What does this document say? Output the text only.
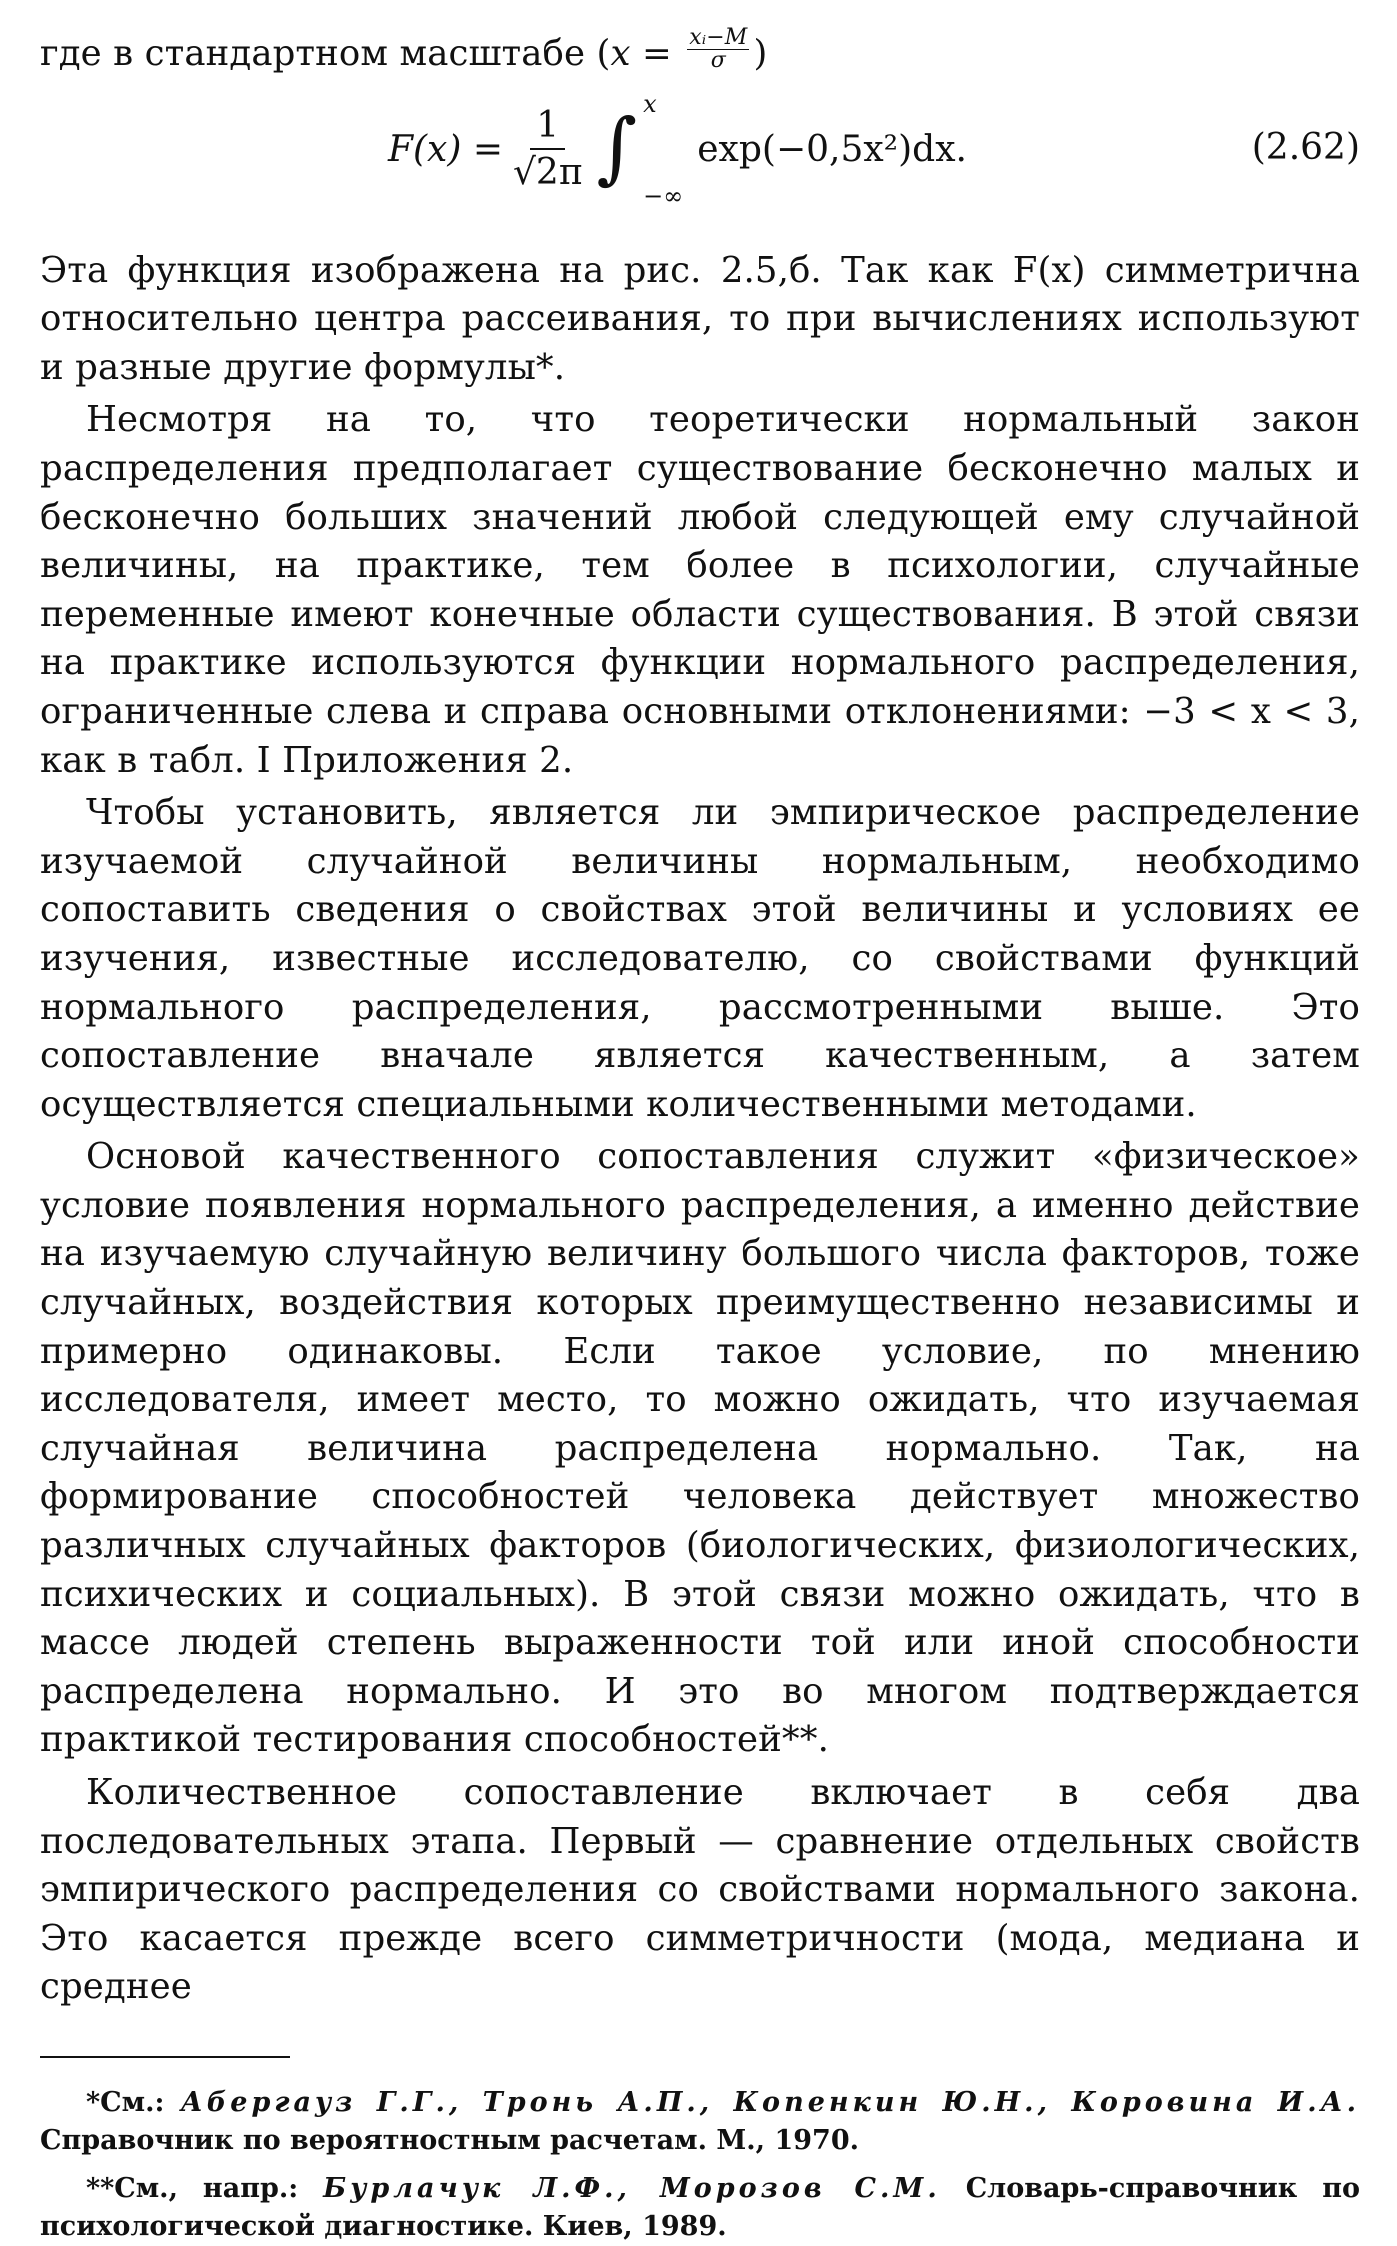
где в стандартном масштабе ($x = \frac{\text{xᵢ−M}}{\sigma}$ )

$F(x) = \frac{1}{√2\pi}$ ∫ x
−∞
exp(−0,5x²)dx.	(2.62)

Эта функция изображена на рис. 2.5,б. Так как F(x) симметрична относительно центра рассеивания, то при вычислениях используют и разные другие формулы*.

Несмотря на то, что теоретически нормальный закон распределения предполагает существование бесконечно малых и бесконечно больших значений любой следующей ему случайной величины, на практике, тем более в психологии, случайные переменные имеют конечные области существования. В этой связи на практике используются функции нормального распределения, ограниченные слева и справа основными отклонениями: −3 < x < 3, как в табл. I Приложения 2.

Чтобы установить, является ли эмпирическое распределение изучаемой случайной величины нормальным, необходимо сопоставить сведения о свойствах этой величины и условиях ее изучения, известные исследователю, со свойствами функций нормального распределения, рассмотренными выше. Это сопоставление вначале является качественным, а затем осуществляется специальными количественными методами.

Основой качественного сопоставления служит «физическое» условие появления нормального распределения, а именно действие на изучаемую случайную величину большого числа факторов, тоже случайных, воздействия которых преимущественно независимы и примерно одинаковы. Если такое условие, по мнению исследователя, имеет место, то можно ожидать, что изучаемая случайная величина распределена нормально. Так, на формирование способностей человека действует множество различных случайных факторов (биологических, физиологических, психических и социальных). В этой связи можно ожидать, что в массе людей степень выраженности той или иной способности распределена нормально. И это во многом подтверждается практикой тестирования способностей**.

Количественное сопоставление включает в себя два последовательных этапа. Первый — сравнение отдельных свойств эмпирического распределения со свойствами нормального закона. Это касается прежде всего симметричности (мода, медиана и среднее

*См.: Абергауз Г.Г., Тронь А.П., Копенкин Ю.Н., Коровина И.А. Справочник по вероятностным расчетам. М., 1970.

**См., напр.: Бурлачук Л.Ф., Морозов С.М. Словарь-справочник по психологической диагностике. Киев, 1989.
